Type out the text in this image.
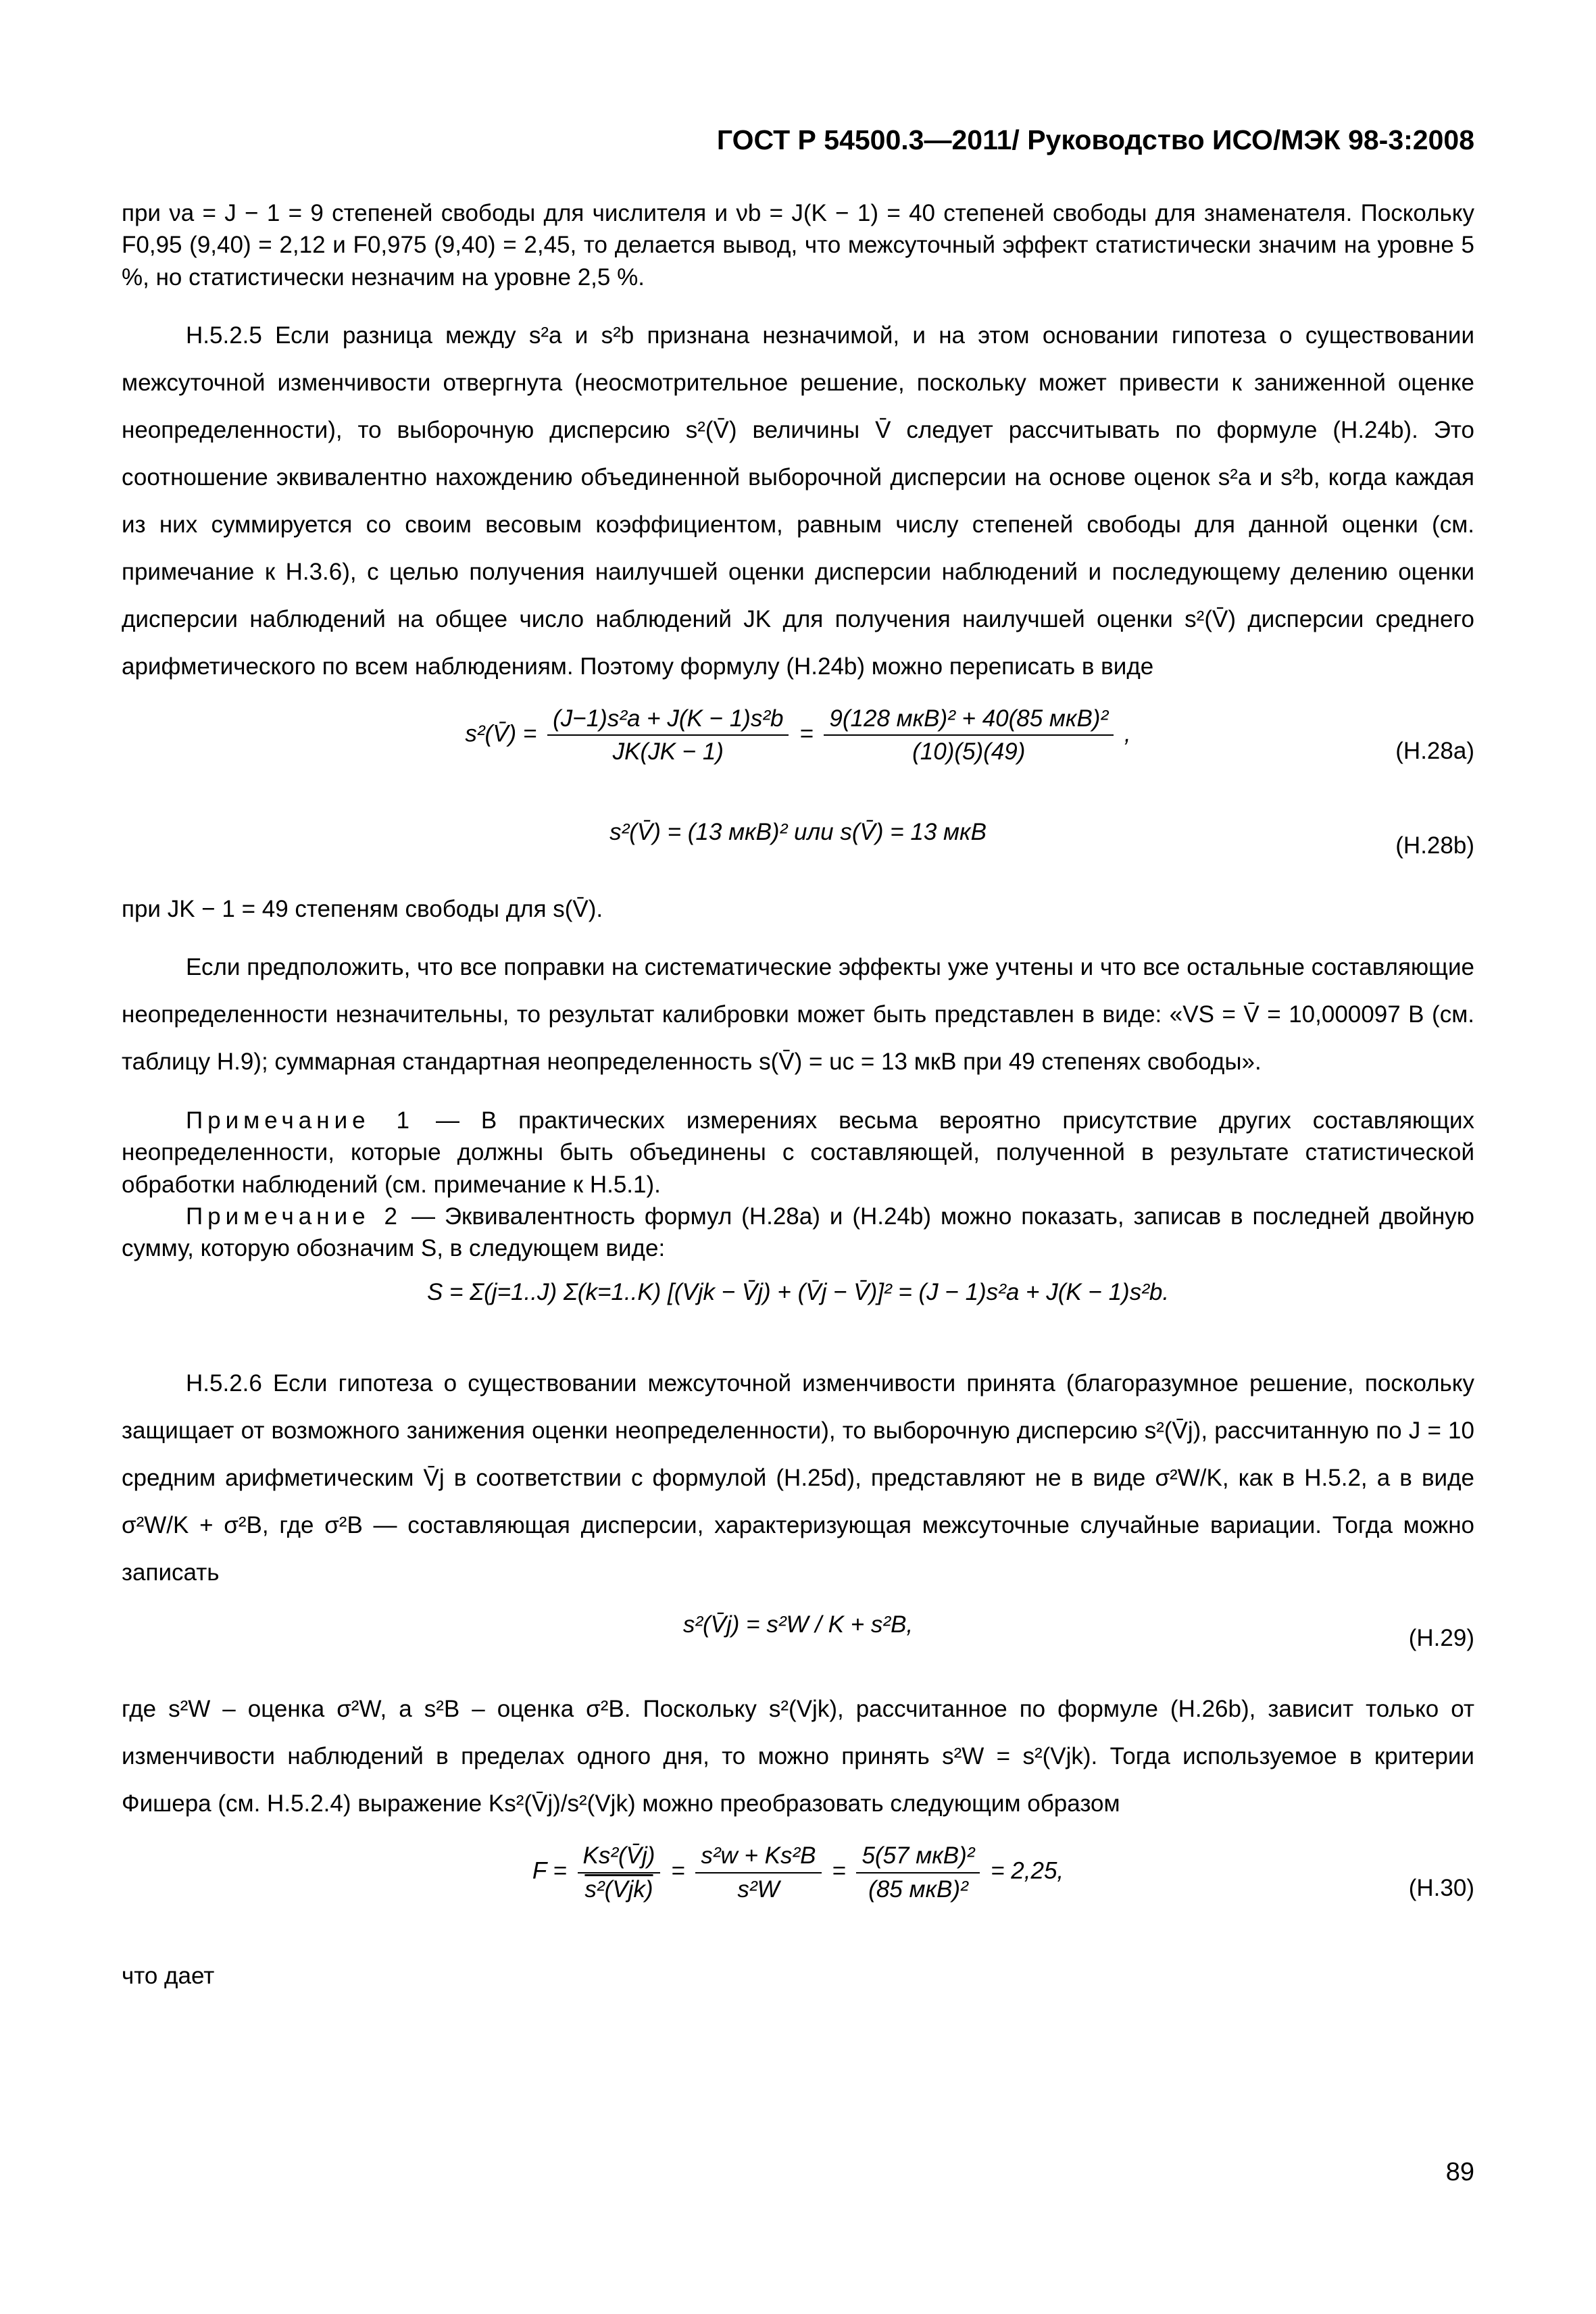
ГОСТ Р 54500.3—2011/ Руководство ИСО/МЭК 98-3:2008

при νa = J − 1 = 9 степеней свободы для числителя и νb = J(K − 1) = 40 степеней свободы для знаменателя. Поскольку F0,95 (9,40) = 2,12 и F0,975 (9,40) = 2,45, то делается вывод, что межсуточный эффект статистически значим на уровне 5 %, но статистически незначим на уровне 2,5 %.

Н.5.2.5 Если разница между s²a и s²b признана незначимой, и на этом основании гипотеза о существовании межсуточной изменчивости отвергнута (неосмотрительное решение, поскольку может привести к заниженной оценке неопределенности), то выборочную дисперсию s²(V̄) величины V̄ следует рассчитывать по формуле (Н.24b). Это соотношение эквивалентно нахождению объединенной выборочной дисперсии на основе оценок s²a и s²b, когда каждая из них суммируется со своим весовым коэффициентом, равным числу степеней свободы для данной оценки (см. примечание к Н.3.6), с целью получения наилучшей оценки дисперсии наблюдений и последующему делению оценки дисперсии наблюдений на общее число наблюдений JK для получения наилучшей оценки s²(V̄) дисперсии среднего арифметического по всем наблюдениям. Поэтому формулу (Н.24b) можно переписать в виде

s²(V̄) = $\frac{\text{(J−1)s²a + J(K − 1)s²b}}{JK(JK - 1)} = \frac{\text{9(128 мкВ)² + 40(85 мкВ)²}}{(10)(5)(49)}$ ,
(Н.28а)
s²(V̄) = (13 мкВ)² или s(V̄) = 13 мкВ
(Н.28b)

при JK − 1 = 49 степеням свободы для s(V̄).

Если предположить, что все поправки на систематические эффекты уже учтены и что все остальные составляющие неопределенности незначительны, то результат калибровки может быть представлен в виде: «VS = V̄ = 10,000097 В (см. таблицу Н.9); суммарная стандартная неопределенность s(V̄) = uc = 13 мкВ при 49 степенях свободы».

Примечание 1 — В практических измерениях весьма вероятно присутствие других составляющих неопределенности, которые должны быть объединены с составляющей, полученной в результате статистической обработки наблюдений (см. примечание к Н.5.1).

Примечание 2 — Эквивалентность формул (Н.28а) и (Н.24b) можно показать, записав в последней двойную сумму, которую обозначим S, в следующем виде:

S = Σ(j=1..J) Σ(k=1..K) [(Vjk − V̄j) + (V̄j − V̄)]² = (J − 1)s²a + J(K − 1)s²b.

Н.5.2.6 Если гипотеза о существовании межсуточной изменчивости принята (благоразумное решение, поскольку защищает от возможного занижения оценки неопределенности), то выборочную дисперсию s²(V̄j), рассчитанную по J = 10 средним арифметическим V̄j в соответствии с формулой (Н.25d), представляют не в виде σ²W/K, как в Н.5.2, а в виде σ²W/K + σ²B, где σ²B — составляющая дисперсии, характеризующая межсуточные случайные вариации. Тогда можно записать

s²(V̄j) = s²W / K + s²B,
(Н.29)

где s²W – оценка σ²W, а s²B – оценка σ²B. Поскольку s²(Vjk), рассчитанное по формуле (Н.26b), зависит только от изменчивости наблюдений в пределах одного дня, то можно принять s²W = s²(Vjk). Тогда используемое в критерии Фишера (см. Н.5.2.4) выражение Ks²(V̄j)/s²(Vjk) можно преобразовать следующим образом

$F = \frac{\text{Ks²(V̄j)}}{\text{s²(Vjk)}} = \frac{\text{s²w + Ks²B}}{\text{s²W}} = \frac{\text{5(57 мкВ)²}}{\text{(85 мкВ)²}} = 2,25$,
(Н.30)

что дает

89
